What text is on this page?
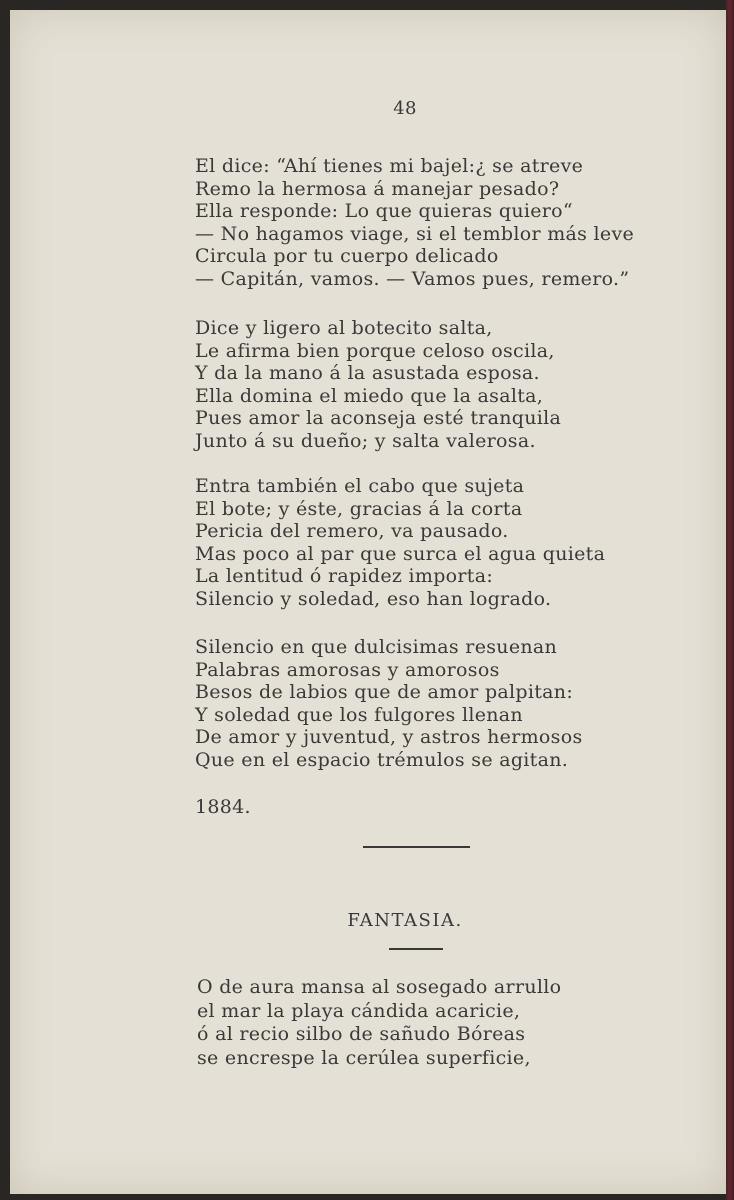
48
El dice: “Ahí tienes mi bajel:¿ se atreve
Remo la hermosa á manejar pesado?
Ella responde: Lo que quieras quiero“
— No hagamos viage, si el temblor más leve
Circula por tu cuerpo delicado
— Capitán, vamos. — Vamos pues, remero.”
Dice y ligero al botecito salta,
Le afirma bien porque celoso oscila,
Y da la mano á la asustada esposa.
Ella domina el miedo que la asalta,
Pues amor la aconseja esté tranquila
Junto á su dueño; y salta valerosa.
Entra también el cabo que sujeta
El bote; y éste, gracias á la corta
Pericia del remero, va pausado.
Mas poco al par que surca el agua quieta
La lentitud ó rapidez importa:
Silencio y soledad, eso han logrado.
Silencio en que dulcisimas resuenan
Palabras amorosas y amorosos
Besos de labios que de amor palpitan:
Y soledad que los fulgores llenan
De amor y juventud, y astros hermosos
Que en el espacio trémulos se agitan.
1884.
FANTASIA.
O de aura mansa al sosegado arrullo
el mar la playa cándida acaricie,
ó al recio silbo de sañudo Bóreas
se encrespe la cerúlea superficie,
